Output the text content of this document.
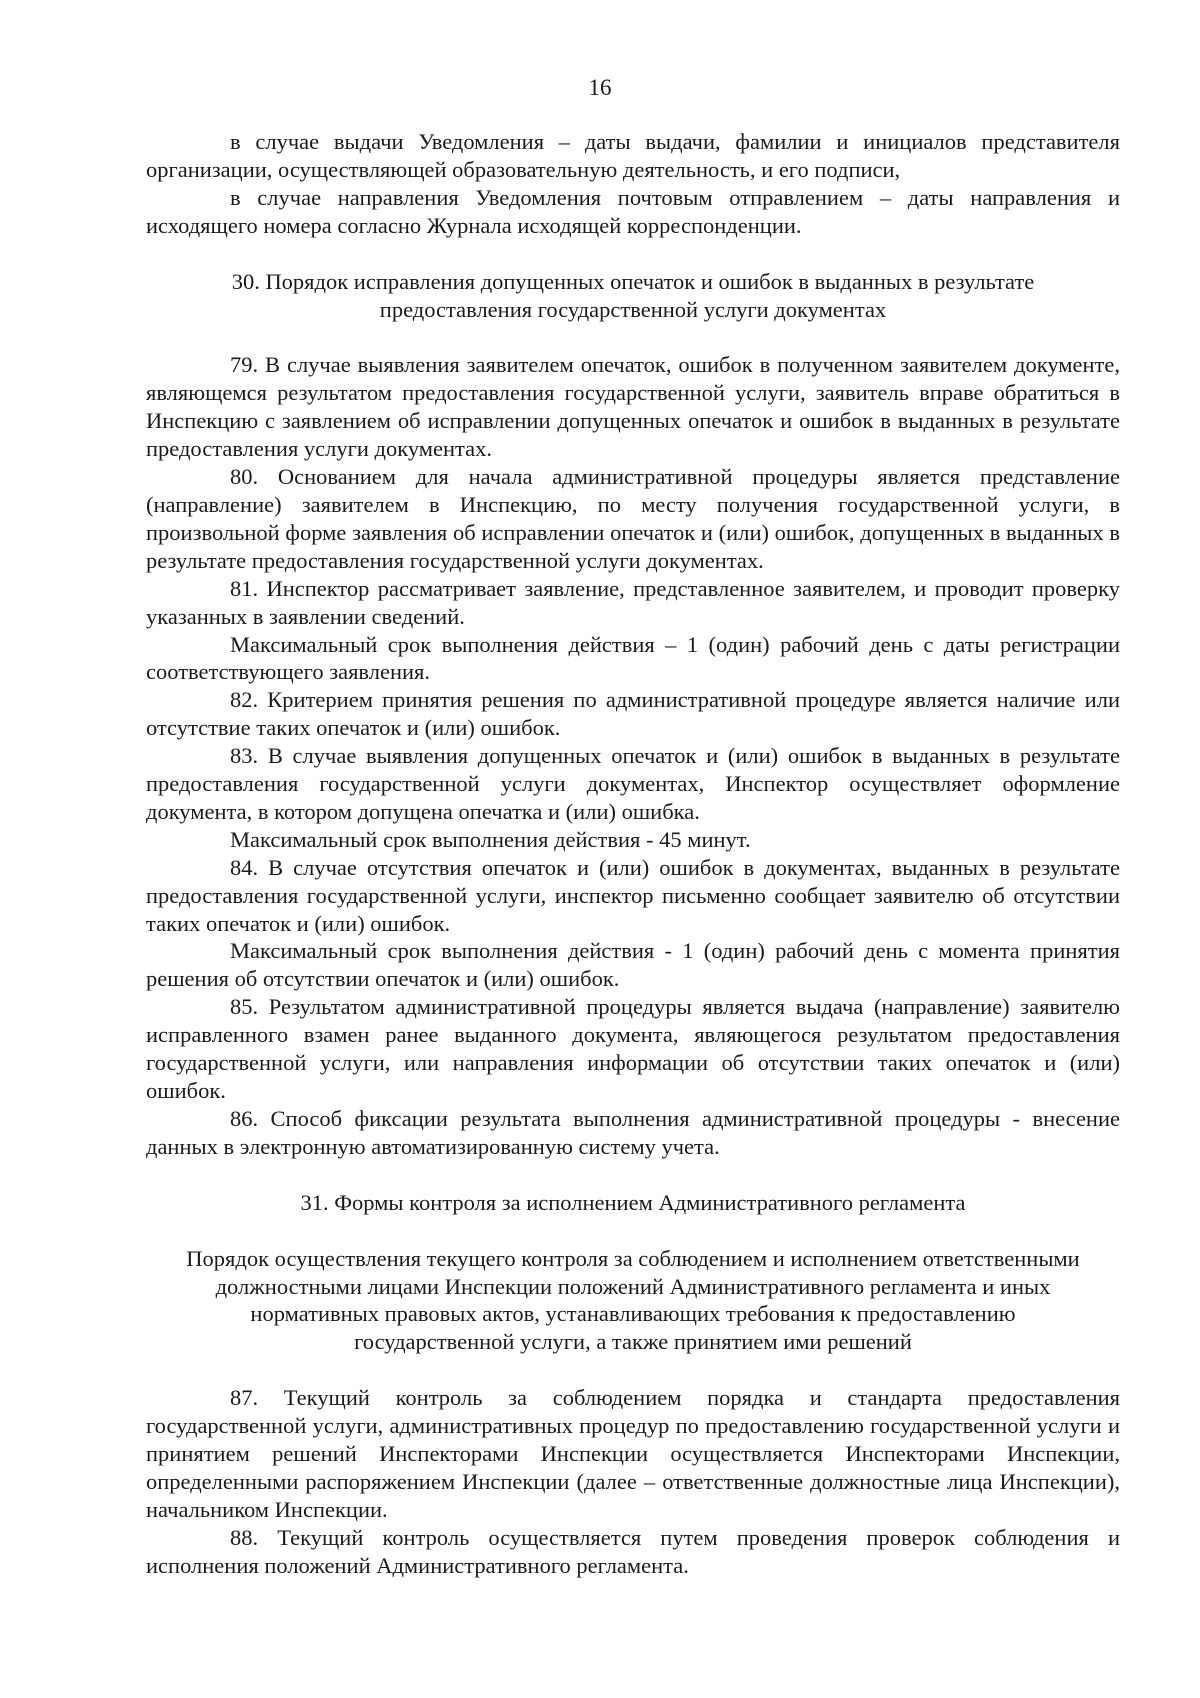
16

в случае выдачи Уведомления – даты выдачи, фамилии и инициалов представителя организации, осуществляющей образовательную деятельность, и его подписи,

в случае направления Уведомления почтовым отправлением – даты направления и исходящего номера согласно Журнала исходящей корреспонденции.

30. Порядок исправления допущенных опечаток и ошибок в выданных в результате предоставления государственной услуги документах

79. В случае выявления заявителем опечаток, ошибок в полученном заявителем документе, являющемся результатом предоставления государственной услуги, заявитель вправе обратиться в Инспекцию с заявлением об исправлении допущенных опечаток и ошибок в выданных в результате предоставления услуги документах.

80. Основанием для начала административной процедуры является представление (направление) заявителем в Инспекцию, по месту получения государственной услуги, в произвольной форме заявления об исправлении опечаток и (или) ошибок, допущенных в выданных в результате предоставления государственной услуги документах.

81. Инспектор рассматривает заявление, представленное заявителем, и проводит проверку указанных в заявлении сведений.

Максимальный срок выполнения действия – 1 (один) рабочий день с даты регистрации соответствующего заявления.

82. Критерием принятия решения по административной процедуре является наличие или отсутствие таких опечаток и (или) ошибок.

83. В случае выявления допущенных опечаток и (или) ошибок в выданных в результате предоставления государственной услуги документах, Инспектор осуществляет оформление документа, в котором допущена опечатка и (или) ошибка.

Максимальный срок выполнения действия - 45 минут.

84. В случае отсутствия опечаток и (или) ошибок в документах, выданных в результате предоставления государственной услуги, инспектор письменно сообщает заявителю об отсутствии таких опечаток и (или) ошибок.

Максимальный срок выполнения действия - 1 (один) рабочий день с момента принятия решения об отсутствии опечаток и (или) ошибок.

85. Результатом административной процедуры является выдача (направление) заявителю исправленного взамен ранее выданного документа, являющегося результатом предоставления государственной услуги, или направления информации об отсутствии таких опечаток и (или) ошибок.

86. Способ фиксации результата выполнения административной процедуры - внесение данных в электронную автоматизированную систему учета.

31. Формы контроля за исполнением Административного регламента

Порядок осуществления текущего контроля за соблюдением и исполнением ответственными должностными лицами Инспекции положений Административного регламента и иных нормативных правовых актов, устанавливающих требования к предоставлению государственной услуги, а также принятием ими решений

87. Текущий контроль за соблюдением порядка и стандарта предоставления государственной услуги, административных процедур по предоставлению государственной услуги и принятием решений Инспекторами Инспекции осуществляется Инспекторами Инспекции, определенными распоряжением Инспекции (далее – ответственные должностные лица Инспекции), начальником Инспекции.

88. Текущий контроль осуществляется путем проведения проверок соблюдения и исполнения положений Административного регламента.
